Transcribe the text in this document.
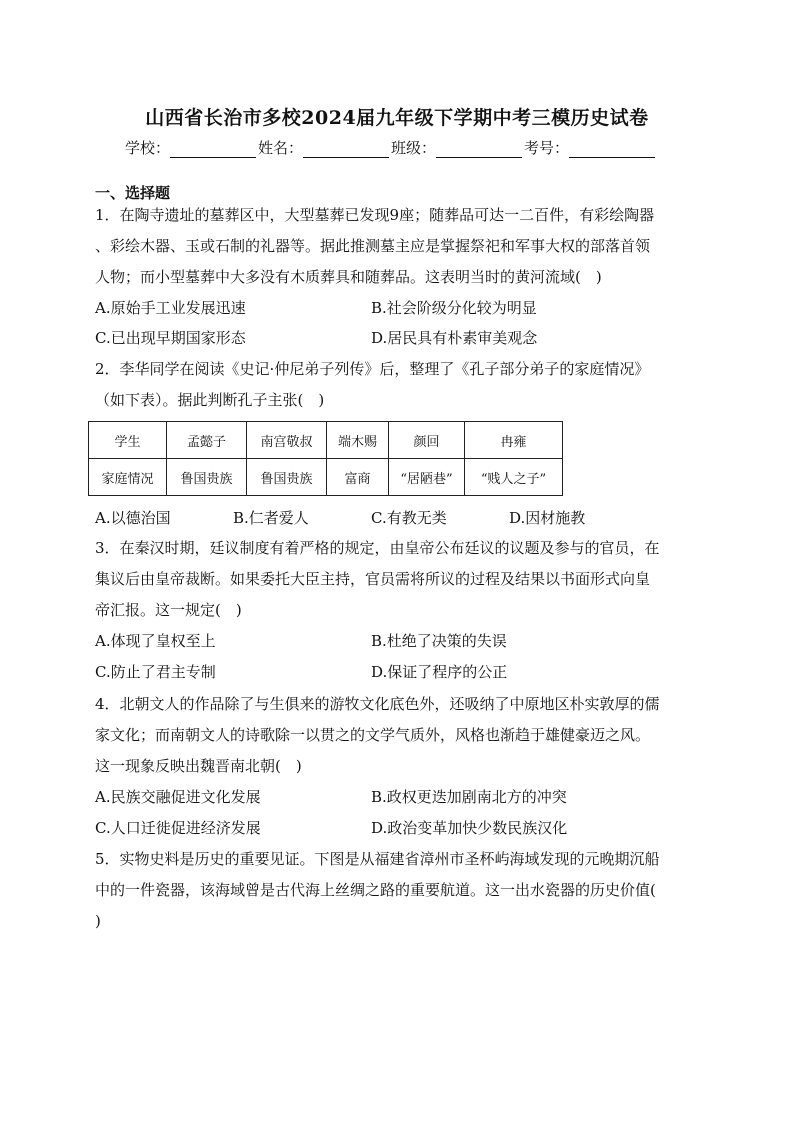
山西省长治市多校2024届九年级下学期中考三模历史试卷
学校：	姓名：	班级：	考号：
一、选择题
1．在陶寺遗址的墓葬区中，大型墓葬已发现9座；随葬品可达一二百件，有彩绘陶器
、彩绘木器、玉或石制的礼器等。据此推测墓主应是掌握祭祀和军事大权的部落首领
人物；而小型墓葬中大多没有木质葬具和随葬品。这表明当时的黄河流域(　)
A.原始手工业发展迅速	B.社会阶级分化较为明显
C.已出现早期国家形态	D.居民具有朴素审美观念
2．李华同学在阅读《史记·仲尼弟子列传》后，整理了《孔子部分弟子的家庭情况》
（如下表）。据此判断孔子主张(　)
学生	孟懿子	南宫敬叔	端木赐	颜回	冉雍
家庭情况	鲁国贵族	鲁国贵族	富商	“居陋巷”	“贱人之子”
A.以德治国	B.仁者爱人	C.有教无类	D.因材施教
3．在秦汉时期，廷议制度有着严格的规定，由皇帝公布廷议的议题及参与的官员，在
集议后由皇帝裁断。如果委托大臣主持，官员需将所议的过程及结果以书面形式向皇
帝汇报。这一规定(　)
A.体现了皇权至上	B.杜绝了决策的失误
C.防止了君主专制	D.保证了程序的公正
4．北朝文人的作品除了与生俱来的游牧文化底色外，还吸纳了中原地区朴实敦厚的儒
家文化；而南朝文人的诗歌除一以贯之的文学气质外，风格也渐趋于雄健豪迈之风。
这一现象反映出魏晋南北朝(　)
A.民族交融促进文化发展	B.政权更迭加剧南北方的冲突
C.人口迁徙促进经济发展	D.政治变革加快少数民族汉化
5．实物史料是历史的重要见证。下图是从福建省漳州市圣杯屿海域发现的元晚期沉船
中的一件瓷器，该海域曾是古代海上丝绸之路的重要航道。这一出水瓷器的历史价值(
)
